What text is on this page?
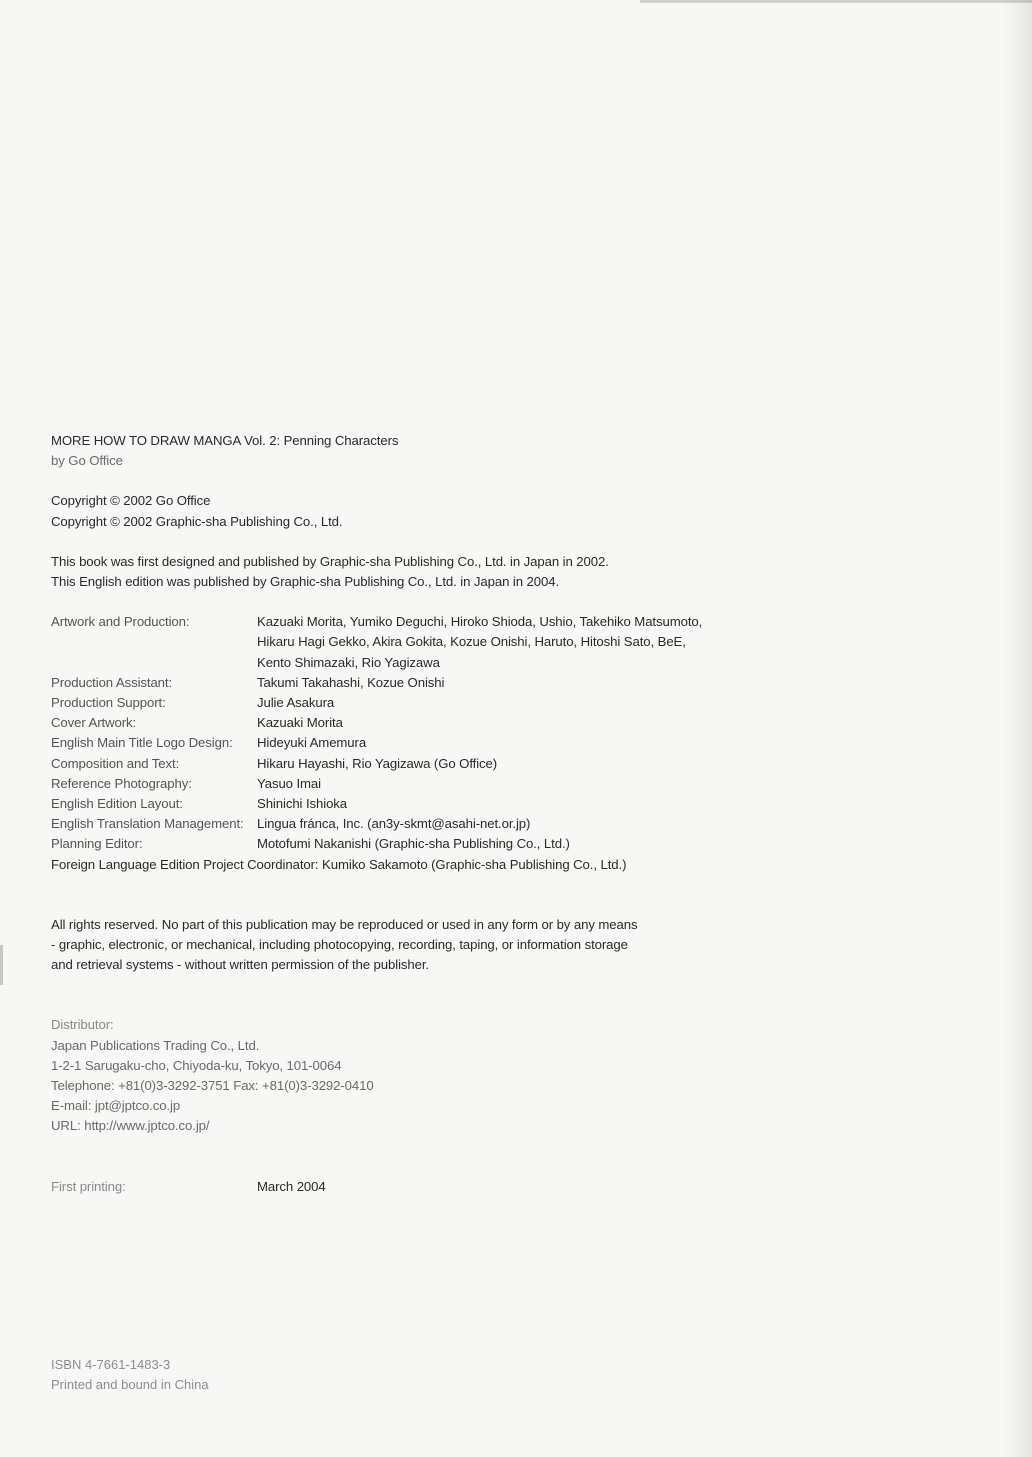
MORE HOW TO DRAW MANGA Vol. 2: Penning Characters
by Go Office
Copyright © 2002 Go Office
Copyright © 2002 Graphic-sha Publishing Co., Ltd.
This book was first designed and published by Graphic-sha Publishing Co., Ltd. in Japan in 2002.
This English edition was published by Graphic-sha Publishing Co., Ltd. in Japan in 2004.
Artwork and Production:	Kazuaki Morita, Yumiko Deguchi, Hiroko Shioda, Ushio, Takehiko Matsumoto,
Hikaru Hagi Gekko, Akira Gokita, Kozue Onishi, Haruto, Hitoshi Sato, BeE,
Kento Shimazaki, Rio Yagizawa
Production Assistant:	Takumi Takahashi, Kozue Onishi
Production Support:	Julie Asakura
Cover Artwork:	Kazuaki Morita
English Main Title Logo Design:	Hideyuki Amemura
Composition and Text:	Hikaru Hayashi, Rio Yagizawa (Go Office)
Reference Photography:	Yasuo Imai
English Edition Layout:	Shinichi Ishioka
English Translation Management:	Lingua fránca, Inc. (an3y-skmt@asahi-net.or.jp)
Planning Editor:	Motofumi Nakanishi (Graphic-sha Publishing Co., Ltd.)
Foreign Language Edition Project Coordinator: Kumiko Sakamoto (Graphic-sha Publishing Co., Ltd.)
All rights reserved. No part of this publication may be reproduced or used in any form or by any means
- graphic, electronic, or mechanical, including photocopying, recording, taping, or information storage
and retrieval systems - without written permission of the publisher.
Distributor:
Japan Publications Trading Co., Ltd.
1-2-1 Sarugaku-cho, Chiyoda-ku, Tokyo, 101-0064
Telephone: +81(0)3-3292-3751 Fax: +81(0)3-3292-0410
E-mail: jpt@jptco.co.jp
URL: http://www.jptco.co.jp/
First printing:	March 2004
ISBN 4-7661-1483-3
Printed and bound in China
